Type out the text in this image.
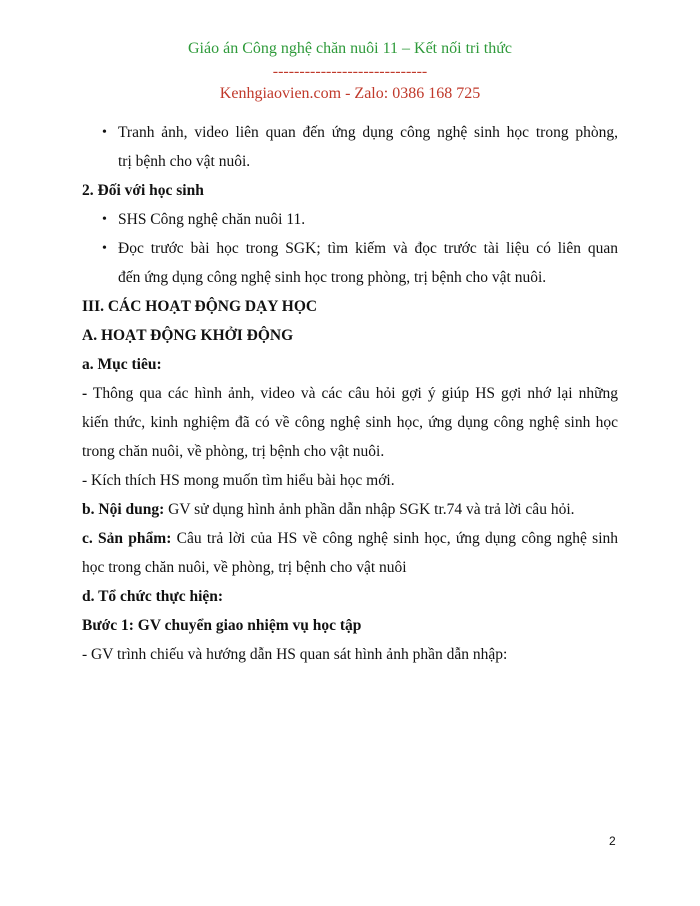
Giáo án Công nghệ chăn nuôi 11 – Kết nối tri thức
-----------------------------
Kenhgiaovien.com - Zalo: 0386 168 725
• Tranh ảnh, video liên quan đến ứng dụng công nghệ sinh học trong phòng,
trị bệnh cho vật nuôi.
2. Đối với học sinh
• SHS Công nghệ chăn nuôi 11.
• Đọc trước bài học trong SGK; tìm kiếm và đọc trước tài liệu có liên quan
đến ứng dụng công nghệ sinh học trong phòng, trị bệnh cho vật nuôi.
III. CÁC HOẠT ĐỘNG DẠY HỌC
A. HOẠT ĐỘNG KHỞI ĐỘNG
a. Mục tiêu:
- Thông qua các hình ảnh, video và các câu hỏi gợi ý giúp HS gợi nhớ lại những
kiến thức, kinh nghiệm đã có về công nghệ sinh học, ứng dụng công nghệ sinh học
trong chăn nuôi, về phòng, trị bệnh cho vật nuôi.
- Kích thích HS mong muốn tìm hiểu bài học mới.
b. Nội dung: GV sử dụng hình ảnh phần dẫn nhập SGK tr.74 và trả lời câu hỏi.
c. Sản phẩm: Câu trả lời của HS về công nghệ sinh học, ứng dụng công nghệ sinh
học trong chăn nuôi, về phòng, trị bệnh cho vật nuôi
d. Tổ chức thực hiện:
Bước 1: GV chuyển giao nhiệm vụ học tập
- GV trình chiếu và hướng dẫn HS quan sát hình ảnh phần dẫn nhập:
2
